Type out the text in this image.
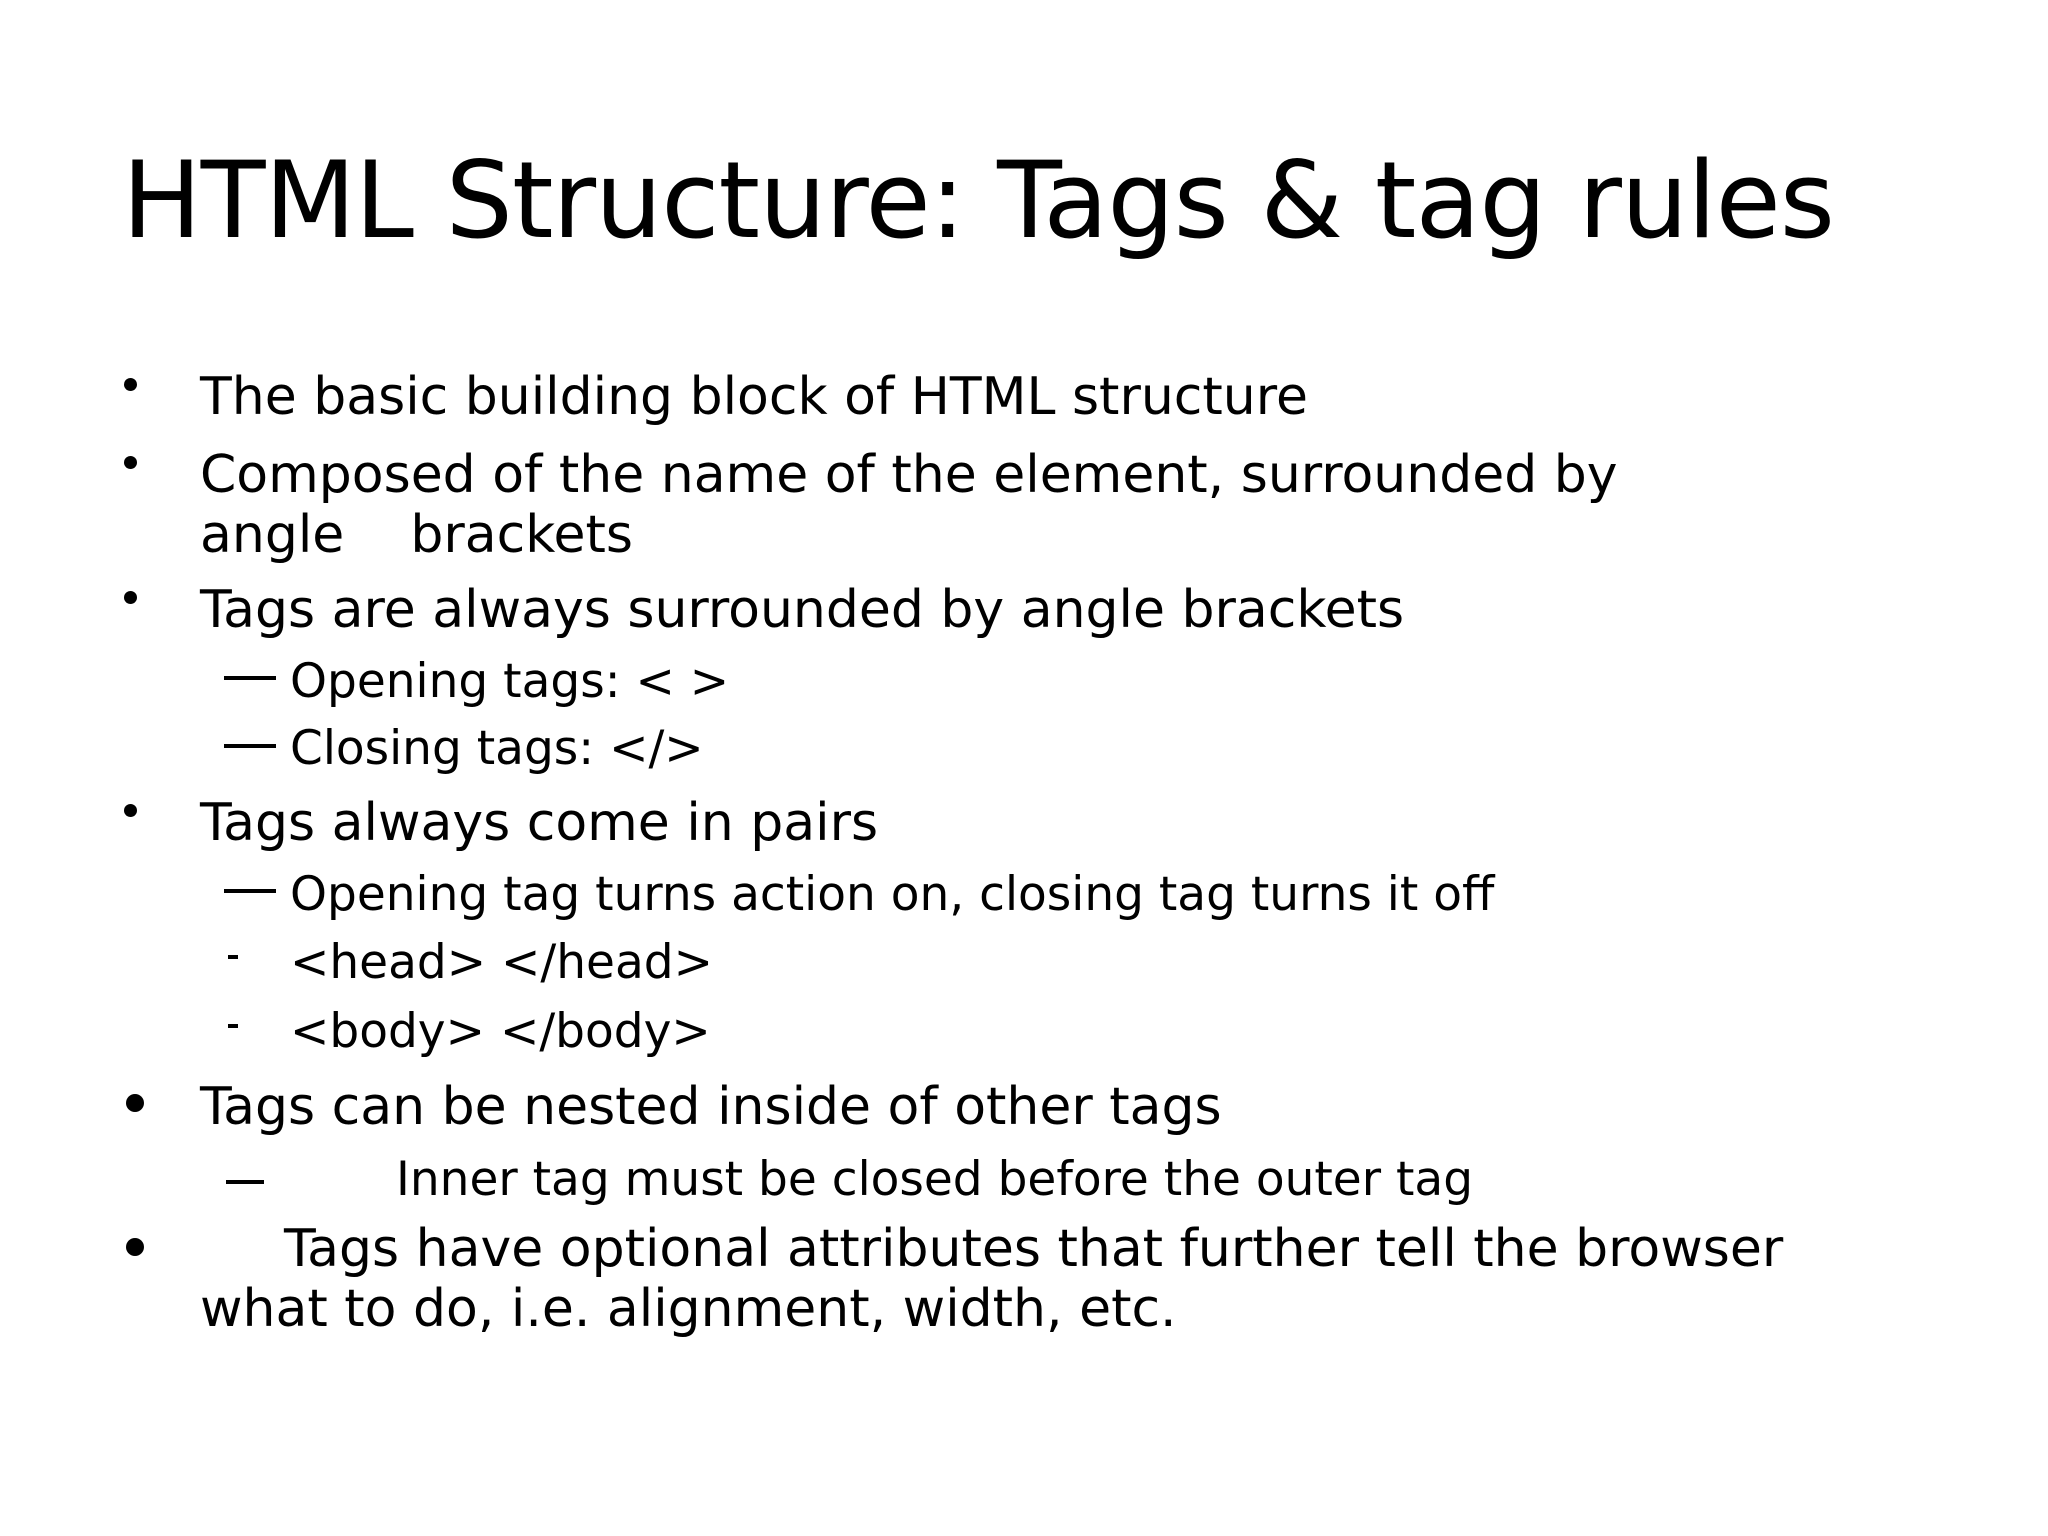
HTML Structure: Tags & tag rules
The basic building block of HTML structure
Composed of the name of the element, surrounded by
angle    brackets
Tags are always surrounded by angle brackets
Opening tags: < >
Closing tags: </>
Tags always come in pairs
Opening tag turns action on, closing tag turns it off
<head> </head>
<body> </body>
Tags can be nested inside of other tags
Inner tag must be closed before the outer tag
Tags have optional attributes that further tell the browser
what to do, i.e. alignment, width, etc.
